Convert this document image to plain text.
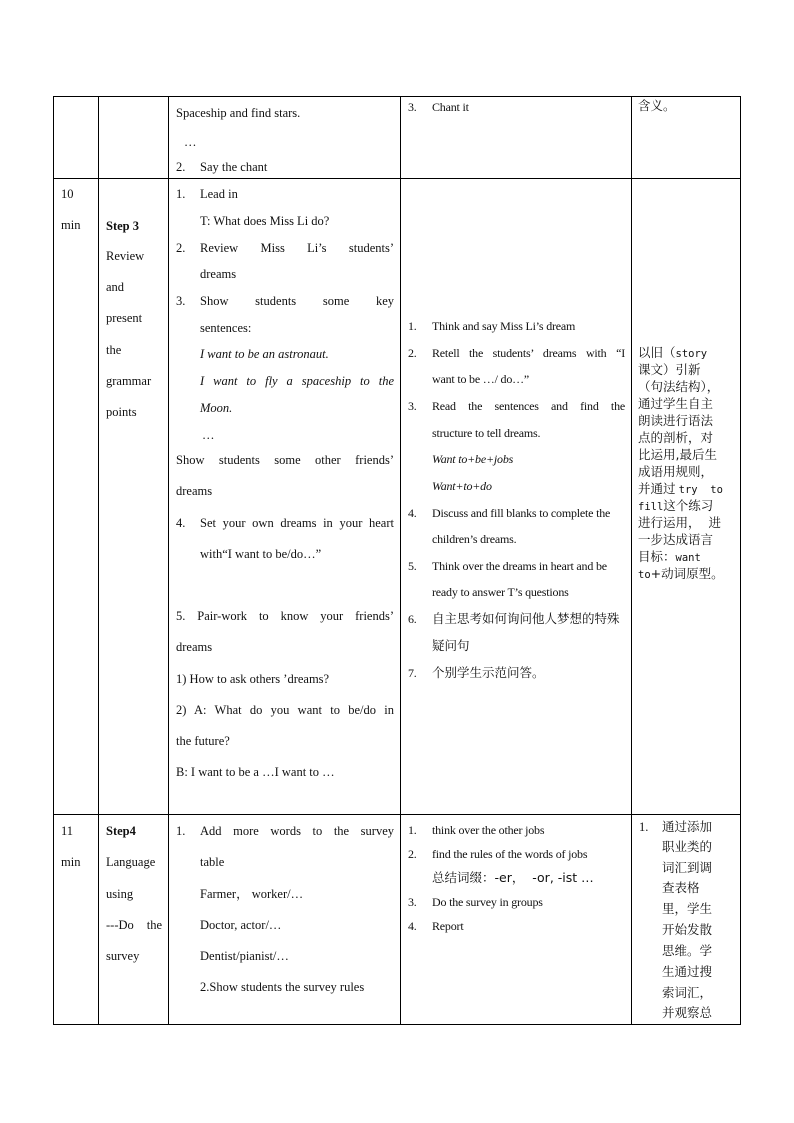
Spaceship and find stars.
…
2. Say the chant
3. Chant it	含义。
10
min Step 3
Review
and
present
the
grammar
points
1. Lead in
T: What does Miss Li do?
2. Review Miss Li’s students’
dreams
3. Show students some key
sentences:
I want to be an astronaut.
I want to fly a spaceship to the
Moon.
…
Show students some other friends’
dreams
4. Set your own dreams in your heart
with“I want to be/do…”
5. Pair-work to know your friends’
dreams
1) How to ask others ’dreams?
2) A: What do you want to be/do in
the future?
B: I want to be a …I want to …
1. Think and say Miss Li’s dream
2. Retell the students’ dreams with “I
want to be …/ do…”
3. Read the sentences and find the
structure to tell dreams.
Want to+be+jobs
Want+to+do
4. Discuss and fill blanks to complete the
children’s dreams.
5. Think over the dreams in heart and be
ready to answer T’s questions
6. 自主思考如何询问他人梦想的特殊
疑问句
7. 个别学生示范问答。
以旧（story
课文）引新
（句法结构），
通过学生自主
朗读进行语法
点的剖析，对
比运用,最后生
成语用规则，
并通过 try  to
fill这个练习
进行运用，  进
一步达成语言
目标：want
to+动词原型。
11
min
Step4
Language
using
---Do the
survey
1. Add more words to the survey
table
Farmer， worker/…
Doctor, actor/…
Dentist/pianist/…
2.Show students the survey rules
1. think over the other jobs
2. find the rules of the words of jobs
总结词缀：-er，  -or, -ist …
3. Do the survey in groups
4. Report
1. 通过添加
职业类的
词汇到调
查表格
里，学生
开始发散
思维。学
生通过搜
索词汇，
并观察总
